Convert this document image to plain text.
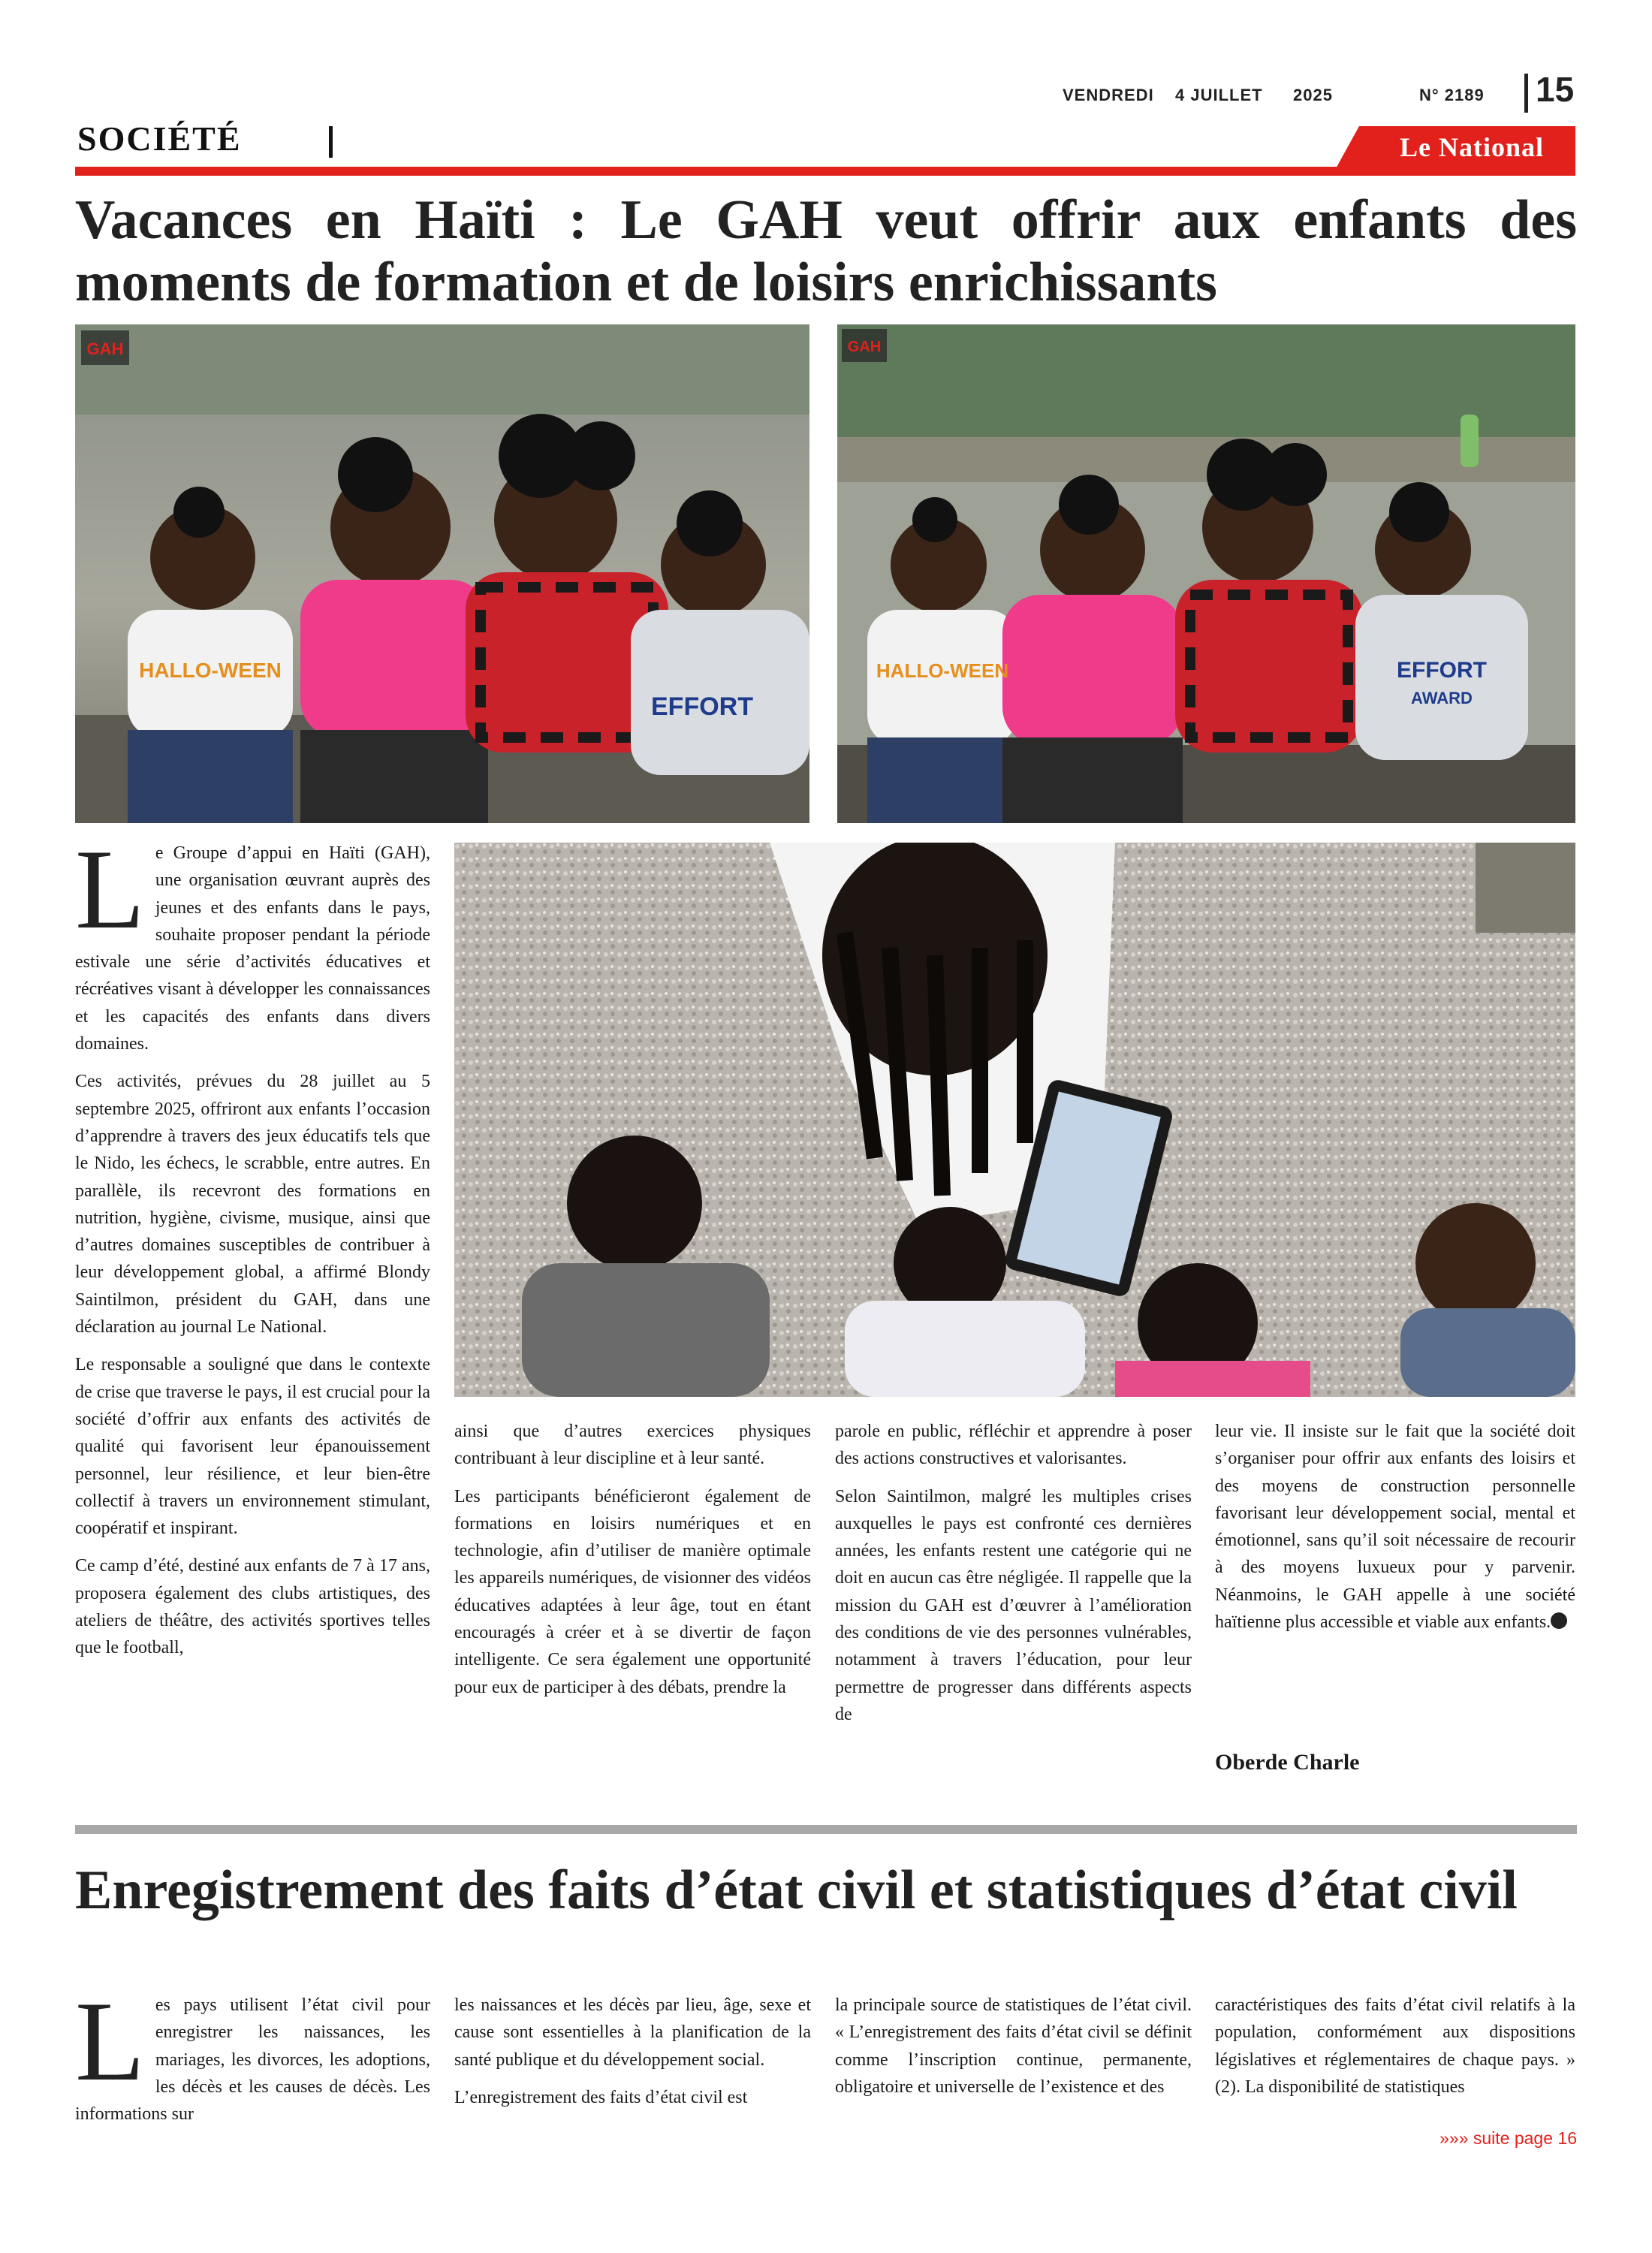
VENDREDI 4 JUILLET 2025	N° 2189 15
SOCIÉTÉ	Le National
Vacances en Haïti : Le GAH veut offrir aux enfants des moments de formation et de loisirs enrichissants
EFFORT
HALLO-WEEN
GAH
EFFORT
AWARD
HALLO-WEEN
GAH

Le Groupe d’appui en Haïti (GAH), une organisation œuvrant auprès des jeunes et des enfants dans le pays, souhaite proposer pendant la période estivale une série d’activités éducatives et récréatives visant à développer les connaissances et les capacités des enfants dans divers domaines.

Ces activités, prévues du 28 juillet au 5 septembre 2025, offriront aux enfants l’occasion d’apprendre à travers des jeux éducatifs tels que le Nido, les échecs, le scrabble, entre autres. En parallèle, ils recevront des formations en nutrition, hygiène, civisme, musique, ainsi que d’autres domaines susceptibles de contribuer à leur développement global, a affirmé Blondy Saintilmon, président du GAH, dans une déclaration au journal Le National.

Le responsable a souligné que dans le contexte de crise que traverse le pays, il est crucial pour la société d’offrir aux enfants des activités de qualité qui favorisent leur épanouissement personnel, leur résilience, et leur bien-être collectif à travers un environnement stimulant, coopératif et inspirant.

Ce camp d’été, destiné aux enfants de 7 à 17 ans, proposera également des clubs artistiques, des ateliers de théâtre, des activités sportives telles que le football,

ainsi que d’autres exercices physiques contribuant à leur discipline et à leur santé.

Les participants bénéficieront également de formations en loisirs numériques et en technologie, afin d’utiliser de manière optimale les appareils numériques, de visionner des vidéos éducatives adaptées à leur âge, tout en étant encouragés à créer et à se divertir de façon intelligente. Ce sera également une opportunité pour eux de participer à des débats, prendre la

parole en public, réfléchir et apprendre à poser des actions constructives et valorisantes.

Selon Saintilmon, malgré les multiples crises auxquelles le pays est confronté ces dernières années, les enfants restent une catégorie qui ne doit en aucun cas être négligée. Il rappelle que la mission du GAH est d’œuvrer à l’amélioration des conditions de vie des personnes vulnérables, notamment à travers l’éducation, pour leur permettre de progresser dans différents aspects de

leur vie. Il insiste sur le fait que la société doit s’organiser pour offrir aux enfants des loisirs et des moyens de construction personnelle favorisant leur développement social, mental et émotionnel, sans qu’il soit nécessaire de recourir à des moyens luxueux pour y parvenir. Néanmoins, le GAH appelle à une société haïtienne plus accessible et viable aux enfants.

Oberde Charle
Enregistrement des faits d’état civil et statistiques d’état civil

Les pays utilisent l’état civil pour enregistrer les naissances, les mariages, les divorces, les adoptions, les décès et les causes de décès. Les informations sur

les naissances et les décès par lieu, âge, sexe et cause sont essentielles à la planification de la santé publique et du développement social.

L’enregistrement des faits d’état civil est

la principale source de statistiques de l’état civil. « L’enregistrement des faits d’état civil se définit comme l’inscription continue, permanente, obligatoire et universelle de l’existence et des

caractéristiques des faits d’état civil relatifs à la population, conformément aux dispositions législatives et réglementaires de chaque pays. » (2). La disponibilité de statistiques

»»» suite page 16
